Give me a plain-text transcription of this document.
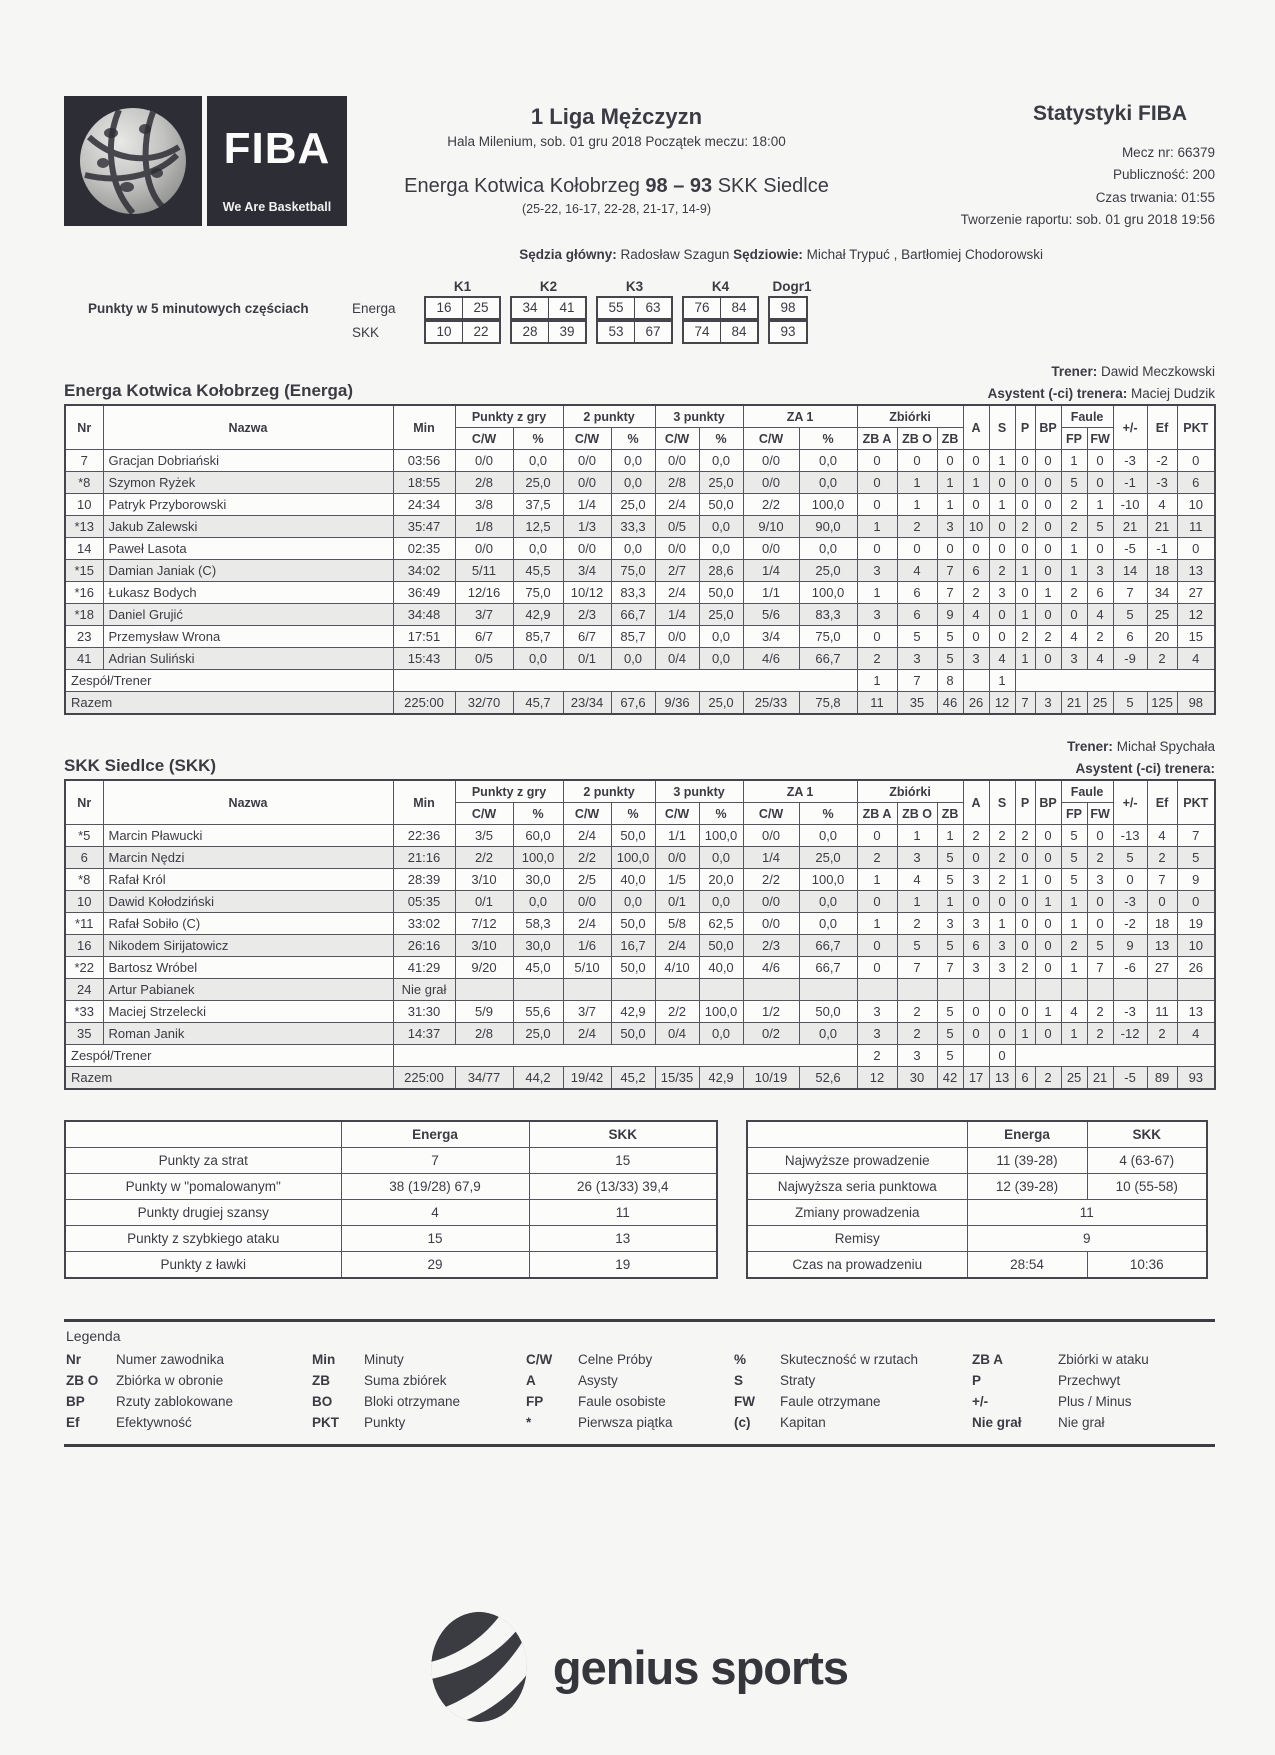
FIBA
We Are Basketball
1 Liga Mężczyzn
Hala Milenium, sob. 01 gru 2018 Początek meczu: 18:00
Energa Kotwica Kołobrzeg 98 – 93 SKK Siedlce
(25-22, 16-17, 22-28, 21-17, 14-9)
Statystyki FIBA
Mecz nr: 66379
Publiczność: 200
Czas trwania: 01:55
Tworzenie raportu: sob. 01 gru 2018 19:56
Sędzia główny: Radosław Szagun Sędziowie: Michał Trypuć , Bartłomiej Chodorowski
K1	K2	K3	K4	Dogr1
Punkty w 5 minutowych częściach	Energa	16	25	34	41	55	63	76	84	98
SKK	10	22	28	39	53	67	74	84	93
Trener: Dawid Meczkowski
Energa Kotwica Kołobrzeg (Energa)	Asystent (-ci) trenera: Maciej Dudzik
Nr	Nazwa	Min	Punkty z gry		2 punkty		3 punkty		ZA 1		Zbiórki			A	S	P	BP	Faule		+/-	Ef	PKT
			C/W	%	C/W	%	C/W	%	C/W	%	ZB A	ZB O	ZB					FP	FW			
7	Gracjan Dobriański	03:56	0/0	0,0	0/0	0,0	0/0	0,0	0/0	0,0	0	0	0	0	1	0	0	1	0	-3	-2	0
*8	Szymon Ryżek	18:55	2/8	25,0	0/0	0,0	2/8	25,0	0/0	0,0	0	1	1	1	0	0	0	5	0	-1	-3	6
10	Patryk Przyborowski	24:34	3/8	37,5	1/4	25,0	2/4	50,0	2/2	100,0	0	1	1	0	1	0	0	2	1	-10	4	10
*13	Jakub Zalewski	35:47	1/8	12,5	1/3	33,3	0/5	0,0	9/10	90,0	1	2	3	10	0	2	0	2	5	21	21	11
14	Paweł Lasota	02:35	0/0	0,0	0/0	0,0	0/0	0,0	0/0	0,0	0	0	0	0	0	0	0	1	0	-5	-1	0
*15	Damian Janiak (C)	34:02	5/11	45,5	3/4	75,0	2/7	28,6	1/4	25,0	3	4	7	6	2	1	0	1	3	14	18	13
*16	Łukasz Bodych	36:49	12/16	75,0	10/12	83,3	2/4	50,0	1/1	100,0	1	6	7	2	3	0	1	2	6	7	34	27
*18	Daniel Grujić	34:48	3/7	42,9	2/3	66,7	1/4	25,0	5/6	83,3	3	6	9	4	0	1	0	0	4	5	25	12
23	Przemysław Wrona	17:51	6/7	85,7	6/7	85,7	0/0	0,0	3/4	75,0	0	5	5	0	0	2	2	4	2	6	20	15
41	Adrian Suliński	15:43	0/5	0,0	0/1	0,0	0/4	0,0	4/6	66,7	2	3	5	3	4	1	0	3	4	-9	2	4
Zespół/Trener											1	7	8		1							
Razem		225:00	32/70	45,7	23/34	67,6	9/36	25,0	25/33	75,8	11	35	46	26	12	7	3	21	25	5	125	98
Trener: Michał Spychała
SKK Siedlce (SKK)	Asystent (-ci) trenera:
Nr	Nazwa	Min	Punkty z gry		2 punkty		3 punkty		ZA 1		Zbiórki			A	S	P	BP	Faule		+/-	Ef	PKT
			C/W	%	C/W	%	C/W	%	C/W	%	ZB A	ZB O	ZB					FP	FW			
*5	Marcin Pławucki	22:36	3/5	60,0	2/4	50,0	1/1	100,0	0/0	0,0	0	1	1	2	2	2	0	5	0	-13	4	7
6	Marcin Nędzi	21:16	2/2	100,0	2/2	100,0	0/0	0,0	1/4	25,0	2	3	5	0	2	0	0	5	2	5	2	5
*8	Rafał Król	28:39	3/10	30,0	2/5	40,0	1/5	20,0	2/2	100,0	1	4	5	3	2	1	0	5	3	0	7	9
10	Dawid Kołodziński	05:35	0/1	0,0	0/0	0,0	0/1	0,0	0/0	0,0	0	1	1	0	0	0	1	1	0	-3	0	0
*11	Rafał Sobiło (C)	33:02	7/12	58,3	2/4	50,0	5/8	62,5	0/0	0,0	1	2	3	3	1	0	0	1	0	-2	18	19
16	Nikodem Sirijatowicz	26:16	3/10	30,0	1/6	16,7	2/4	50,0	2/3	66,7	0	5	5	6	3	0	0	2	5	9	13	10
*22	Bartosz Wróbel	41:29	9/20	45,0	5/10	50,0	4/10	40,0	4/6	66,7	0	7	7	3	3	2	0	1	7	-6	27	26
24	Artur Pabianek	Nie grał																				
*33	Maciej Strzelecki	31:30	5/9	55,6	3/7	42,9	2/2	100,0	1/2	50,0	3	2	5	0	0	0	1	4	2	-3	11	13
35	Roman Janik	14:37	2/8	25,0	2/4	50,0	0/4	0,0	0/2	0,0	3	2	5	0	0	1	0	1	2	-12	2	4
Zespół/Trener											2	3	5		0							
Razem		225:00	34/77	44,2	19/42	45,2	15/35	42,9	10/19	52,6	12	30	42	17	13	6	2	25	21	-5	89	93
	Energa	SKK
Punkty za strat	7	15
Punkty w "pomalowanym"	38 (19/28) 67,9	26 (13/33) 39,4
Punkty drugiej szansy	4	11
Punkty z szybkiego ataku	15	13
Punkty z ławki	29	19
	Energa	SKK
Najwyższe prowadzenie	11 (39-28)	4 (63-67)
Najwyższa seria punktowa	12 (39-28)	10 (55-58)
Zmiany prowadzenia	11	
Remisy	9	
Czas na prowadzeniu	28:54	10:36
Legenda
Nr	Numer zawodnika	Min	Minuty	C/W	Celne Próby	%	Skuteczność w rzutach	ZB A	Zbiórki w ataku
ZB O	Zbiórka w obronie	ZB	Suma zbiórek	A	Asysty	S	Straty	P	Przechwyt
BP	Rzuty zablokowane	BO	Bloki otrzymane	FP	Faule osobiste	FW	Faule otrzymane	+/-	Plus / Minus
Ef	Efektywność	PKT	Punkty	*	Pierwsza piątka	(c)	Kapitan	Nie grał	Nie grał
genius sports
